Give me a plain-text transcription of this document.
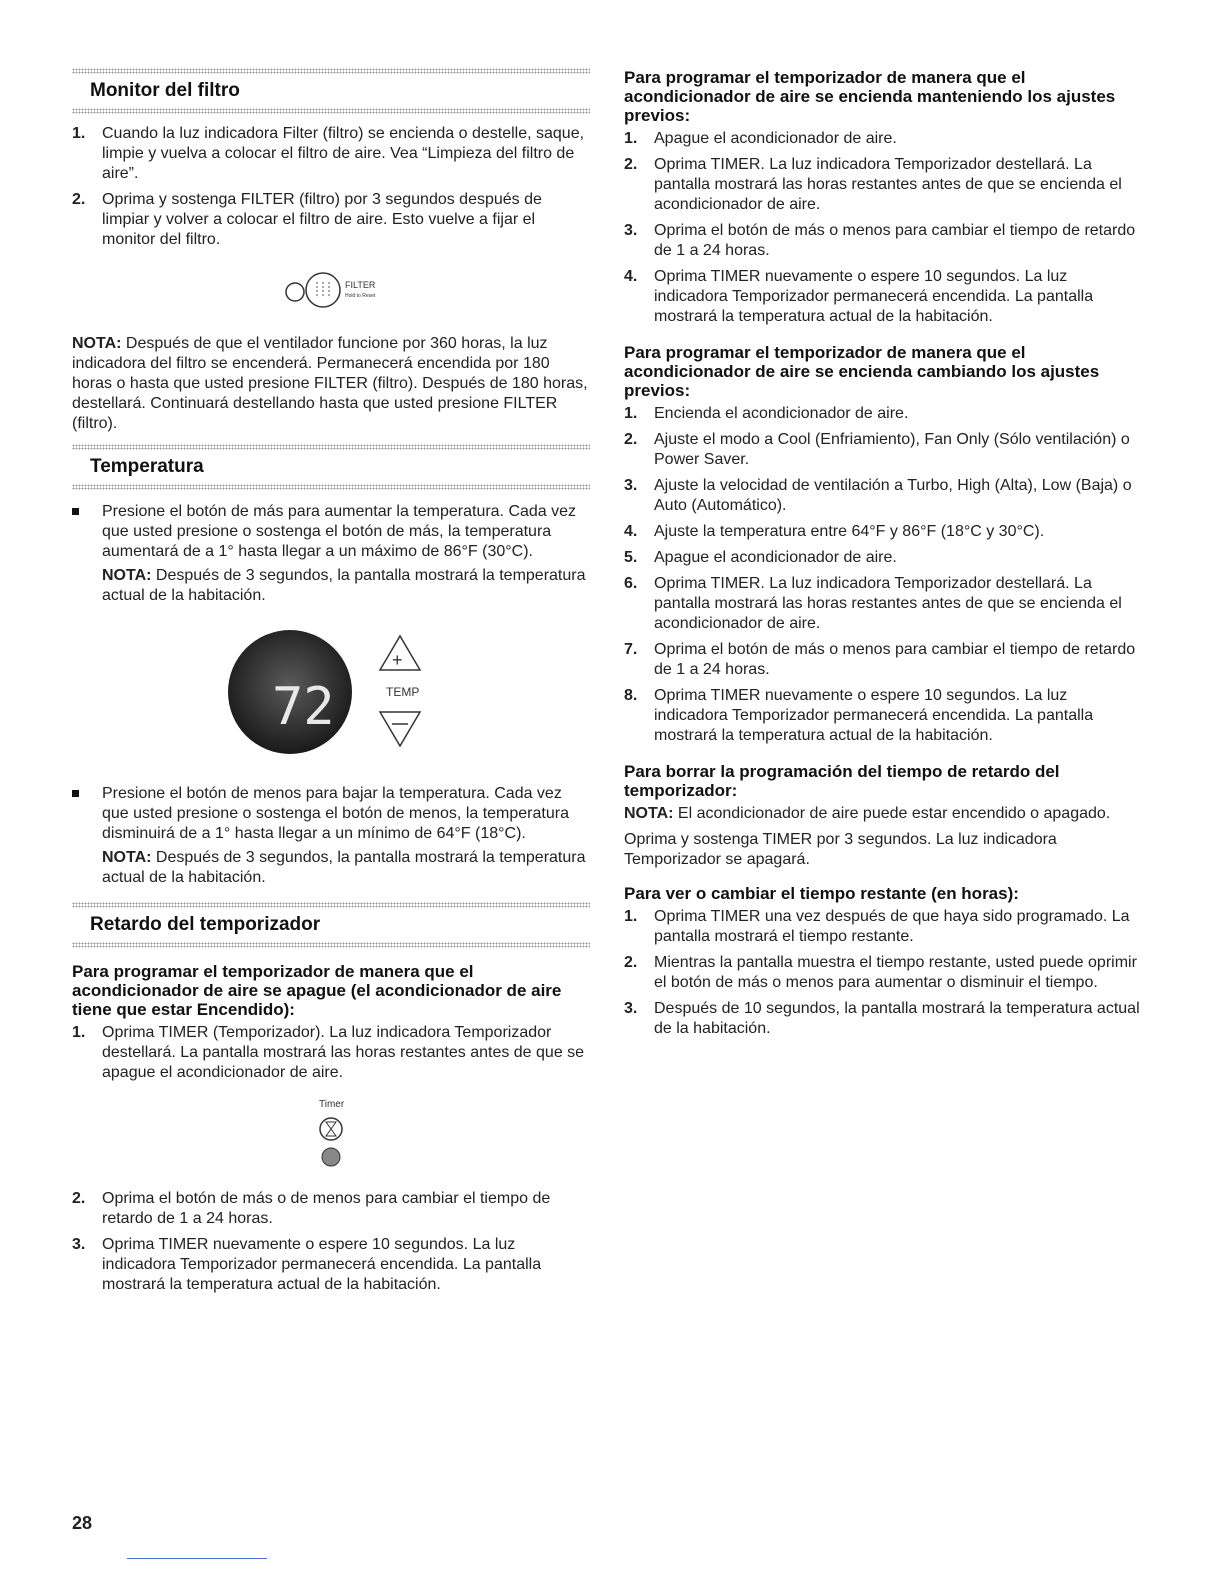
Monitor del filtro
1. Cuando la luz indicadora Filter (filtro) se encienda o destelle, saque, limpie y vuelva a colocar el filtro de aire. Vea “Limpieza del filtro de aire”.
2. Oprima y sostenga FILTER (filtro) por 3 segundos después de limpiar y volver a colocar el filtro de aire. Esto vuelve a fijar el monitor del filtro.
FILTER
Hold to Reset

NOTA: Después de que el ventilador funcione por 360 horas, la luz indicadora del filtro se encenderá. Permanecerá encendida por 180 horas o hasta que usted presione FILTER (filtro). Después de 180 horas, destellará. Continuará destellando hasta que usted presione FILTER (filtro).

Temperatura
Presione el botón de más para aumentar la temperatura. Cada vez que usted presione o sostenga el botón de más, la temperatura aumentará de a 1° hasta llegar a un máximo de 86°F (30°C).

NOTA: Después de 3 segundos, la pantalla mostrará la temperatura actual de la habitación.

72
+
TEMP
Presione el botón de menos para bajar la temperatura. Cada vez que usted presione o sostenga el botón de menos, la temperatura disminuirá de a 1° hasta llegar a un mínimo de 64°F (18°C).

NOTA: Después de 3 segundos, la pantalla mostrará la temperatura actual de la habitación.

Retardo del temporizador
Para programar el temporizador de manera que el acondicionador de aire se apague (el acondicionador de aire tiene que estar Encendido):
1. Oprima TIMER (Temporizador). La luz indicadora Temporizador destellará. La pantalla mostrará las horas restantes antes de que se apague el acondicionador de aire.
Timer
2. Oprima el botón de más o de menos para cambiar el tiempo de retardo de 1 a 24 horas.
3. Oprima TIMER nuevamente o espere 10 segundos. La luz indicadora Temporizador permanecerá encendida. La pantalla mostrará la temperatura actual de la habitación.
Para programar el temporizador de manera que el acondicionador de aire se encienda manteniendo los ajustes previos:
1. Apague el acondicionador de aire.
2. Oprima TIMER. La luz indicadora Temporizador destellará. La pantalla mostrará las horas restantes antes de que se encienda el acondicionador de aire.
3. Oprima el botón de más o menos para cambiar el tiempo de retardo de 1 a 24 horas.
4. Oprima TIMER nuevamente o espere 10 segundos. La luz indicadora Temporizador permanecerá encendida. La pantalla mostrará la temperatura actual de la habitación.
Para programar el temporizador de manera que el acondicionador de aire se encienda cambiando los ajustes previos:
1. Encienda el acondicionador de aire.
2. Ajuste el modo a Cool (Enfriamiento), Fan Only (Sólo ventilación) o Power Saver.
3. Ajuste la velocidad de ventilación a Turbo, High (Alta), Low (Baja) o Auto (Automático).
4. Ajuste la temperatura entre 64°F y 86°F (18°C y 30°C).
5. Apague el acondicionador de aire.
6. Oprima TIMER. La luz indicadora Temporizador destellará. La pantalla mostrará las horas restantes antes de que se encienda el acondicionador de aire.
7. Oprima el botón de más o menos para cambiar el tiempo de retardo de 1 a 24 horas.
8. Oprima TIMER nuevamente o espere 10 segundos. La luz indicadora Temporizador permanecerá encendida. La pantalla mostrará la temperatura actual de la habitación.
Para borrar la programación del tiempo de retardo del temporizador:

NOTA: El acondicionador de aire puede estar encendido o apagado.

Oprima y sostenga TIMER por 3 segundos. La luz indicadora Temporizador se apagará.

Para ver o cambiar el tiempo restante (en horas):
1. Oprima TIMER una vez después de que haya sido programado. La pantalla mostrará el tiempo restante.
2. Mientras la pantalla muestra el tiempo restante, usted puede oprimir el botón de más o menos para aumentar o disminuir el tiempo.
3. Después de 10 segundos, la pantalla mostrará la temperatura actual de la habitación.
28
